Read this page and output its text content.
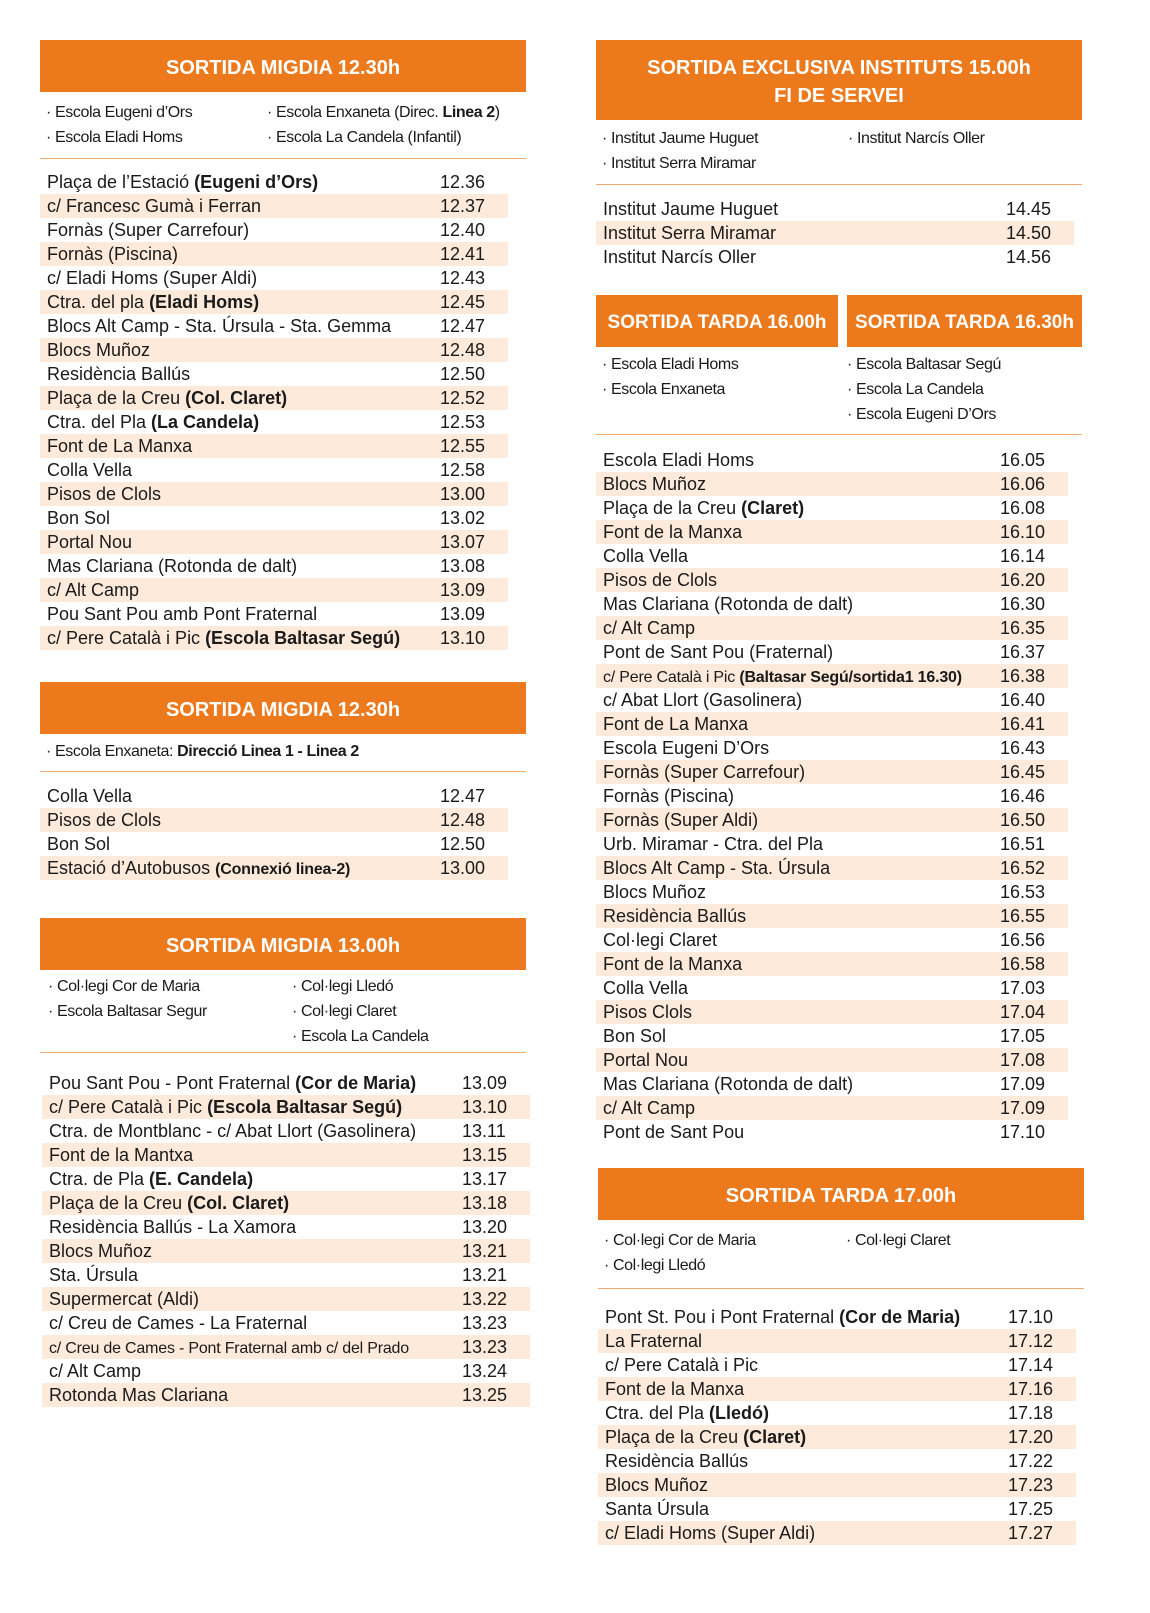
SORTIDA MIGDIA 12.30h
· Escola Eugeni d’Ors
· Escola Eladi Homs
· Escola Enxaneta (Direc. Linea 2)
· Escola La Candela (Infantil)
Plaça de l’Estació (Eugeni d’Ors)	12.36
c/ Francesc Gumà i Ferran	12.37
Fornàs (Super Carrefour)	12.40
Fornàs (Piscina)	12.41
c/ Eladi Homs (Super Aldi)	12.43
Ctra. del pla (Eladi Homs)	12.45
Blocs Alt Camp - Sta. Úrsula - Sta. Gemma	12.47
Blocs Muñoz	12.48
Residència Ballús	12.50
Plaça de la Creu (Col. Claret)	12.52
Ctra. del Pla (La Candela)	12.53
Font de La Manxa	12.55
Colla Vella	12.58
Pisos de Clols	13.00
Bon Sol	13.02
Portal Nou	13.07
Mas Clariana (Rotonda de dalt)	13.08
c/ Alt Camp	13.09
Pou Sant Pou amb Pont Fraternal	13.09
c/ Pere Català i Pic (Escola Baltasar Segú) 13.10
SORTIDA MIGDIA 12.30h
· Escola Enxaneta: Direcció Linea 1 - Linea 2
Colla Vella	12.47
Pisos de Clols	12.48
Bon Sol	12.50
Estació d’Autobusos (Connexió linea-2)	13.00
SORTIDA MIGDIA 13.00h
· Col·legi Cor de Maria
· Escola Baltasar Segur
· Col·legi Lledó
· Col·legi Claret
· Escola La Candela
Pou Sant Pou - Pont Fraternal (Cor de Maria)	13.09
c/ Pere Català i Pic (Escola Baltasar Segú)	13.10
Ctra. de Montblanc - c/ Abat Llort (Gasolinera)	13.11
Font de la Mantxa	13.15
Ctra. de Pla (E. Candela)	13.17
Plaça de la Creu (Col. Claret)	13.18
Residència Ballús - La Xamora	13.20
Blocs Muñoz	13.21
Sta. Úrsula	13.21
Supermercat (Aldi)	13.22
c/ Creu de Cames - La Fraternal	13.23
c/ Creu de Cames - Pont Fraternal amb c/ del Prado	13.23
c/ Alt Camp	13.24
Rotonda Mas Clariana	13.25
SORTIDA EXCLUSIVA INSTITUTS 15.00h
FI DE SERVEI
· Institut Jaume Huguet
· Institut Serra Miramar
· Institut Narcís Oller
Institut Jaume Huguet	14.45
Institut Serra Miramar	14.50
Institut Narcís Oller	14.56
SORTIDA TARDA 16.00h SORTIDA TARDA 16.30h
· Escola Eladi Homs
· Escola Enxaneta
· Escola Baltasar Segú
· Escola La Candela
· Escola Eugeni D’Ors
Escola Eladi Homs	16.05
Blocs Muñoz	16.06
Plaça de la Creu (Claret)	16.08
Font de la Manxa	16.10
Colla Vella	16.14
Pisos de Clols	16.20
Mas Clariana (Rotonda de dalt)	16.30
c/ Alt Camp	16.35
Pont de Sant Pou (Fraternal)	16.37
c/ Pere Català i Pic (Baltasar Segú/sortida1 16.30) 16.38
c/ Abat Llort (Gasolinera)	16.40
Font de La Manxa	16.41
Escola Eugeni D’Ors	16.43
Fornàs (Super Carrefour)	16.45
Fornàs (Piscina)	16.46
Fornàs (Super Aldi)	16.50
Urb. Miramar - Ctra. del Pla	16.51
Blocs Alt Camp - Sta. Úrsula	16.52
Blocs Muñoz	16.53
Residència Ballús	16.55
Col·legi Claret	16.56
Font de la Manxa	16.58
Colla Vella	17.03
Pisos Clols	17.04
Bon Sol	17.05
Portal Nou	17.08
Mas Clariana (Rotonda de dalt)	17.09
c/ Alt Camp	17.09
Pont de Sant Pou	17.10
SORTIDA TARDA 17.00h
· Col·legi Cor de Maria
· Col·legi Lledó
· Col·legi Claret
Pont St. Pou i Pont Fraternal (Cor de Maria)	17.10
La Fraternal	17.12
c/ Pere Català i Pic	17.14
Font de la Manxa	17.16
Ctra. del Pla (Lledó)	17.18
Plaça de la Creu (Claret)	17.20
Residència Ballús	17.22
Blocs Muñoz	17.23
Santa Úrsula	17.25
c/ Eladi Homs (Super Aldi)	17.27
